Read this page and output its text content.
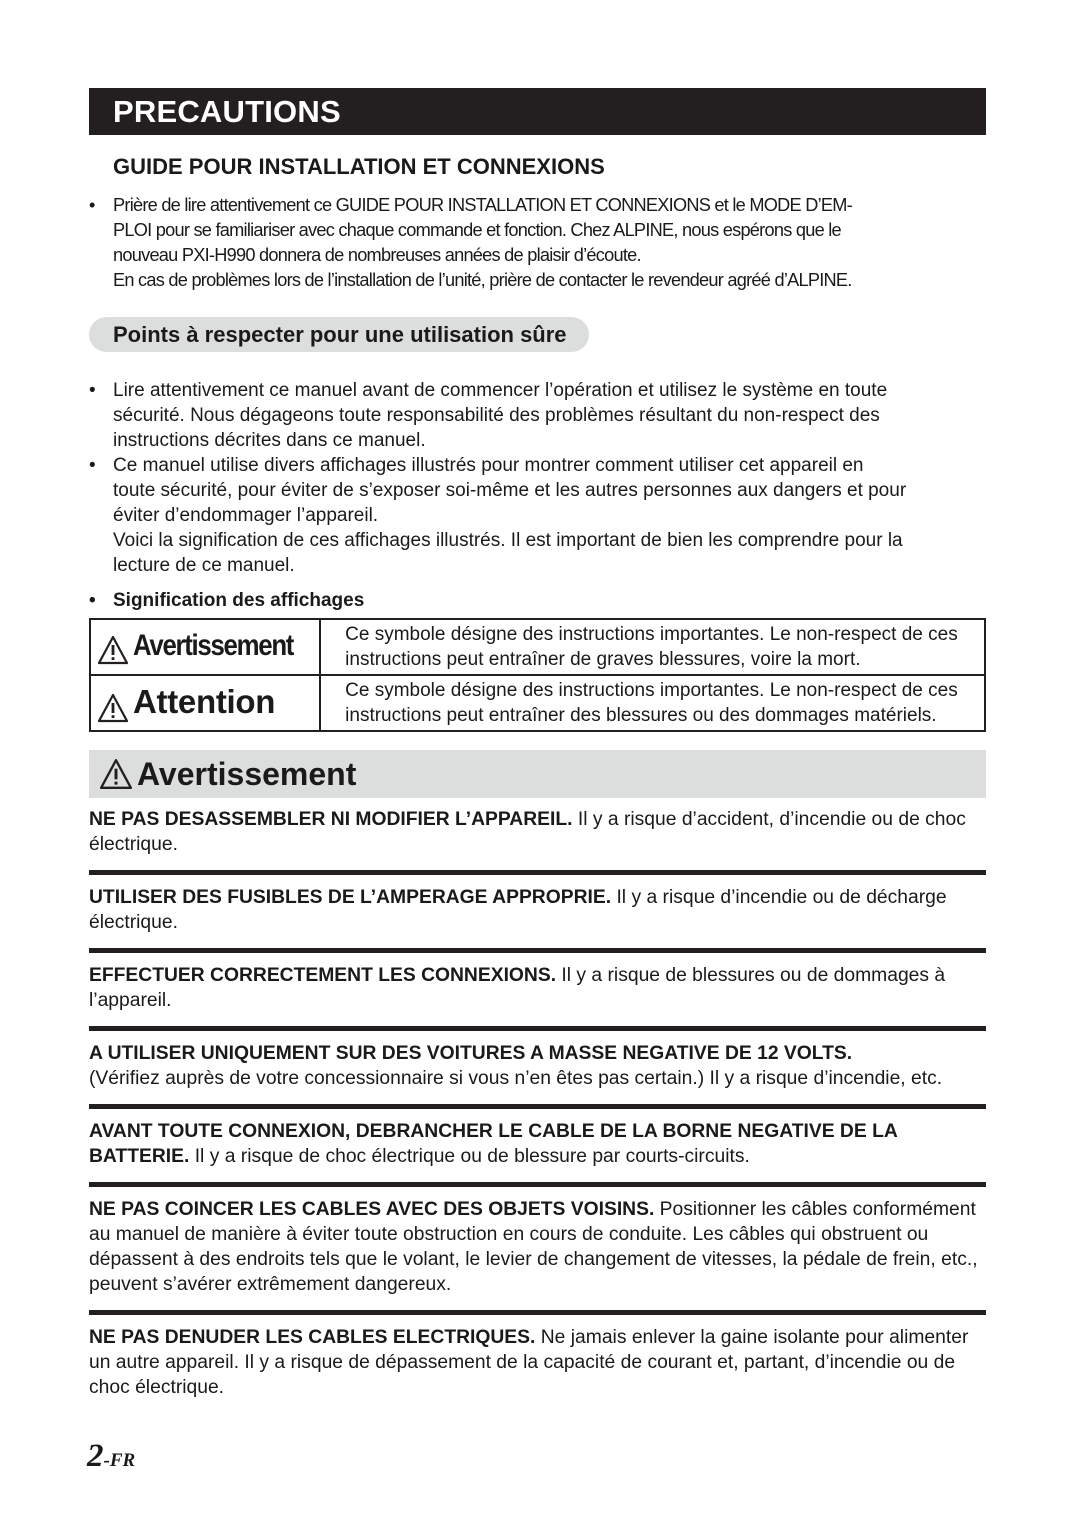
PRECAUTIONS
GUIDE POUR INSTALLATION ET CONNEXIONS
• Prière de lire attentivement ce GUIDE POUR INSTALLATION ET CONNEXIONS et le MODE D’EM-

PLOI pour se familiariser avec chaque commande et fonction. Chez ALPINE, nous espérons que le

nouveau PXI-H990 donnera de nombreuses années de plaisir d’écoute.

En cas de problèmes lors de l’installation de l’unité, prière de contacter le revendeur agréé d’ALPINE.

Points à respecter pour une utilisation sûre
• Lire attentivement ce manuel avant de commencer l’opération et utilisez le système en toute

sécurité. Nous dégageons toute responsabilité des problèmes résultant du non-respect des

instructions décrites dans ce manuel.

• Ce manuel utilise divers affichages illustrés pour montrer comment utiliser cet appareil en

toute sécurité, pour éviter de s’exposer soi-même et les autres personnes aux dangers et pour

éviter d’endommager l’appareil.

Voici la signification de ces affichages illustrés. Il est important de bien les comprendre pour la

lecture de ce manuel.

• Signification des affichages
Avertissement	Ce symbole désigne des instructions importantes. Le non-respect de ces
instructions peut entraîner de graves blessures, voire la mort.

Attention	Ce symbole désigne des instructions importantes. Le non-respect de ces
instructions peut entraîner des blessures ou des dommages matériels.
Avertissement
NE PAS DESASSEMBLER NI MODIFIER L’APPAREIL. Il y a risque d’accident, d’incendie ou de choc électrique.
UTILISER DES FUSIBLES DE L’AMPERAGE APPROPRIE. Il y a risque d’incendie ou de décharge électrique.
EFFECTUER CORRECTEMENT LES CONNEXIONS. Il y a risque de blessures ou de dommages à l’appareil.
A UTILISER UNIQUEMENT SUR DES VOITURES A MASSE NEGATIVE DE 12 VOLTS.
(Vérifiez auprès de votre concessionnaire si vous n’en êtes pas certain.) Il y a risque d’incendie, etc.
AVANT TOUTE CONNEXION, DEBRANCHER LE CABLE DE LA BORNE NEGATIVE DE LA BATTERIE. Il y a risque de choc électrique ou de blessure par courts-circuits.
NE PAS COINCER LES CABLES AVEC DES OBJETS VOISINS. Positionner les câbles conformément au manuel de manière à éviter toute obstruction en cours de conduite. Les câbles qui obstruent ou dépassent à des endroits tels que le volant, le levier de changement de vitesses, la pédale de frein, etc., peuvent s’avérer extrêmement dangereux.
NE PAS DENUDER LES CABLES ELECTRIQUES. Ne jamais enlever la gaine isolante pour alimenter un autre appareil. Il y a risque de dépassement de la capacité de courant et, partant, d’incendie ou de choc électrique.
2-FR
